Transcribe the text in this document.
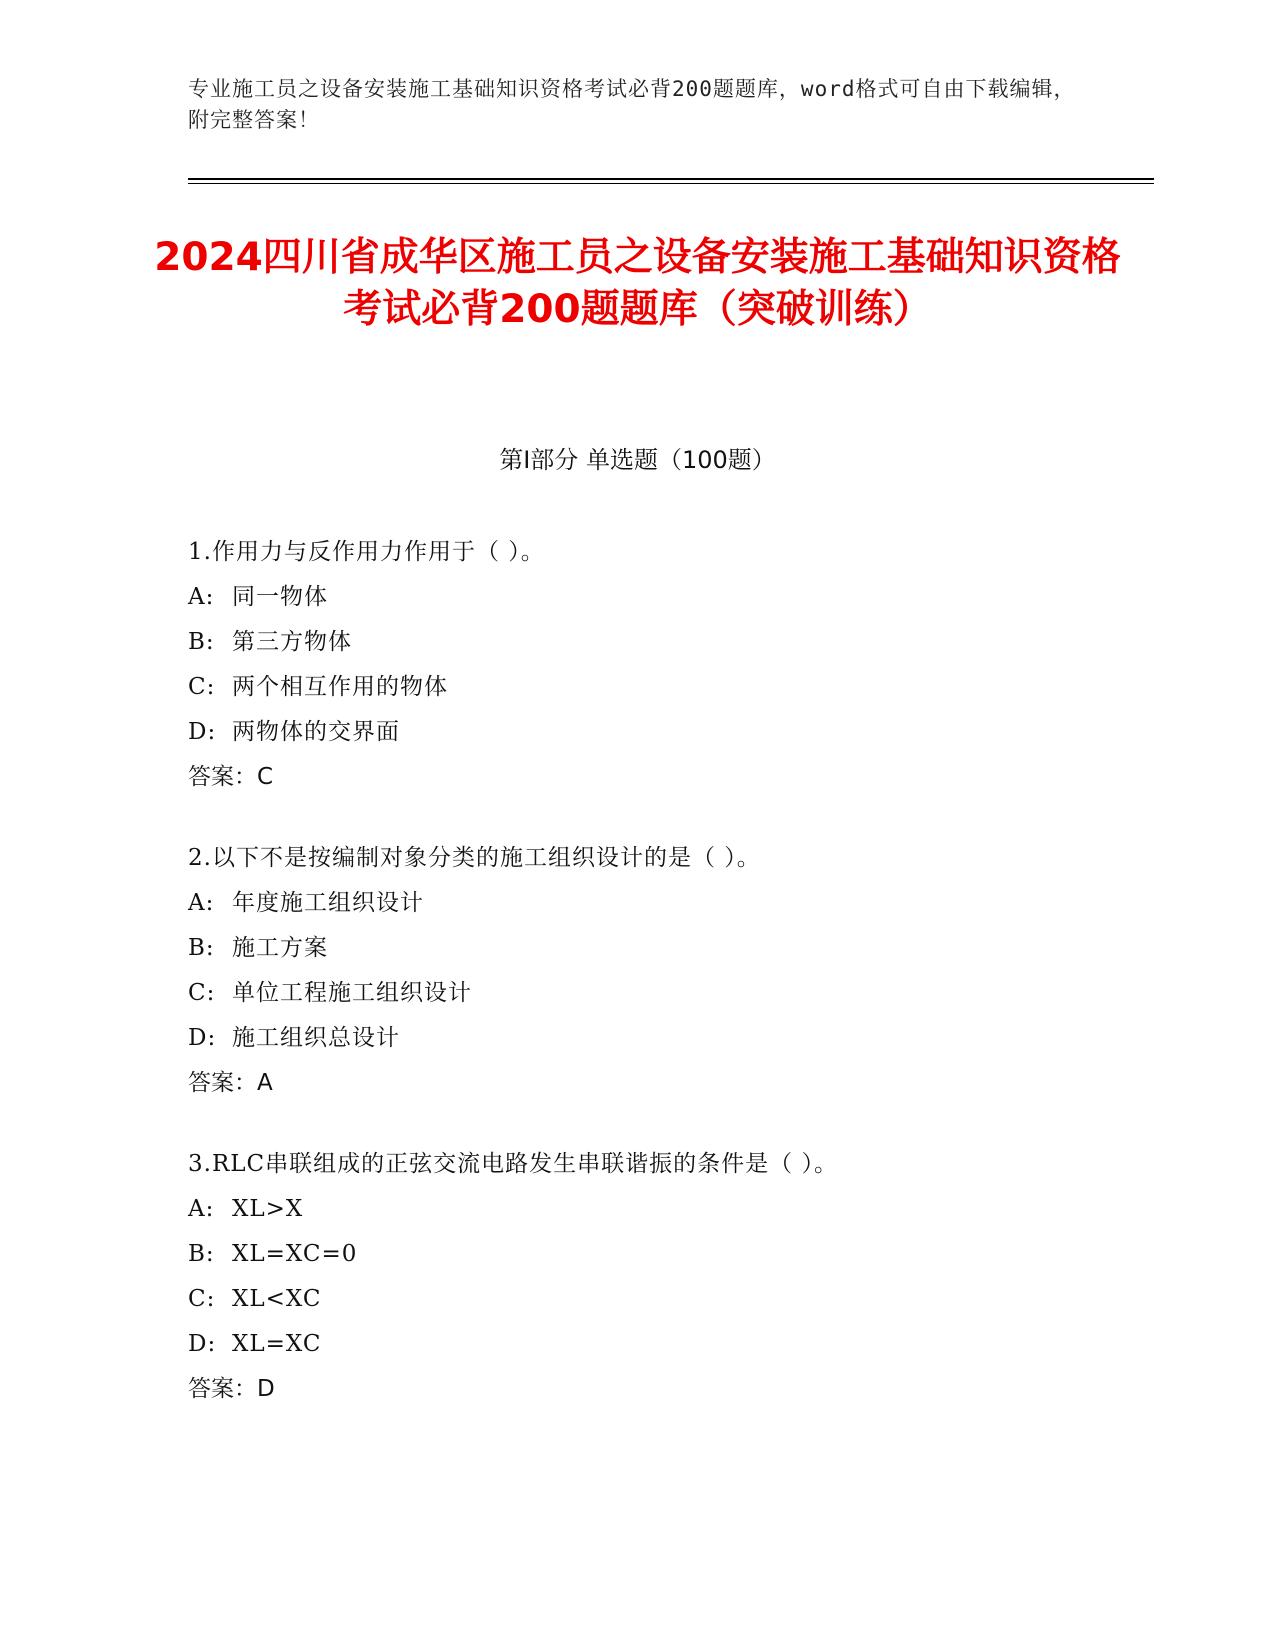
专业施工员之设备安装施工基础知识资格考试必背200题题库，word格式可自由下载编辑，附完整答案！
2024四川省成华区施工员之设备安装施工基础知识资格考试必背200题题库（突破训练）
第I部分 单选题（100题）
1.作用力与反作用力作用于（ ）。
A: 同一物体
B: 第三方物体
C: 两个相互作用的物体
D: 两物体的交界面
答案：C
2.以下不是按编制对象分类的施工组织设计的是（ ）。
A: 年度施工组织设计
B: 施工方案
C: 单位工程施工组织设计
D: 施工组织总设计
答案：A
3.RLC串联组成的正弦交流电路发生串联谐振的条件是（ ）。
A: XL>X
B: XL=XC=0
C: XL<XC
D: XL=XC
答案：D
